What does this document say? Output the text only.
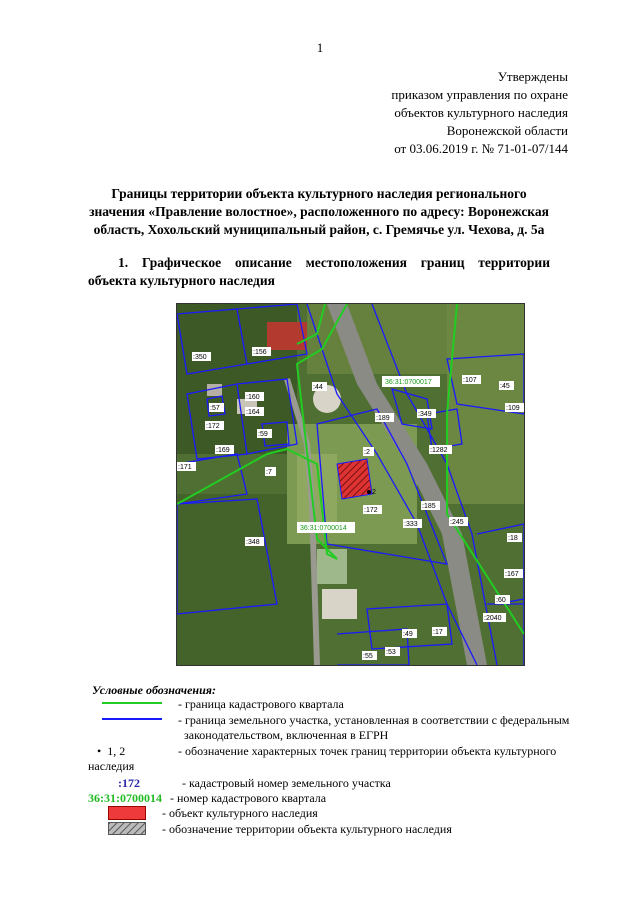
1
Утверждены
приказом управления по охране
объектов культурного наследия
Воронежской области
от 03.06.2019 г. № 71-01-07/144
Границы территории объекта культурного наследия регионального значения «Правление волостное», расположенного по адресу: Воронежская область, Хохольский муниципальный район, с. Гремячье ул. Чехова, д. 5а
1. Графическое описание местоположения границ территории
объекта культурного наследия
2
36:31:0700017
36:31:0700014
:350
:156
:44
:107
:45
:160
:57
:164
:109
:349
:189
:172
:59
:1282
:169
:171
:7
:2
:185
:172
:348
:333	:245
:18
:167
:60
:2040
:49	:17
:55
:53
Условные обозначения:
- граница кадастрового квартала
- граница земельного участка, установленная в соответствии с федеральным
законодательством, включенная в ЕГРН
• 1, 2	- обозначение характерных точек границ территории объекта культурного
наследия
:172	- кадастровый номер земельного участка
36:31:0700014 - номер кадастрового квартала
- объект культурного наследия
- обозначение территории объекта культурного наследия
